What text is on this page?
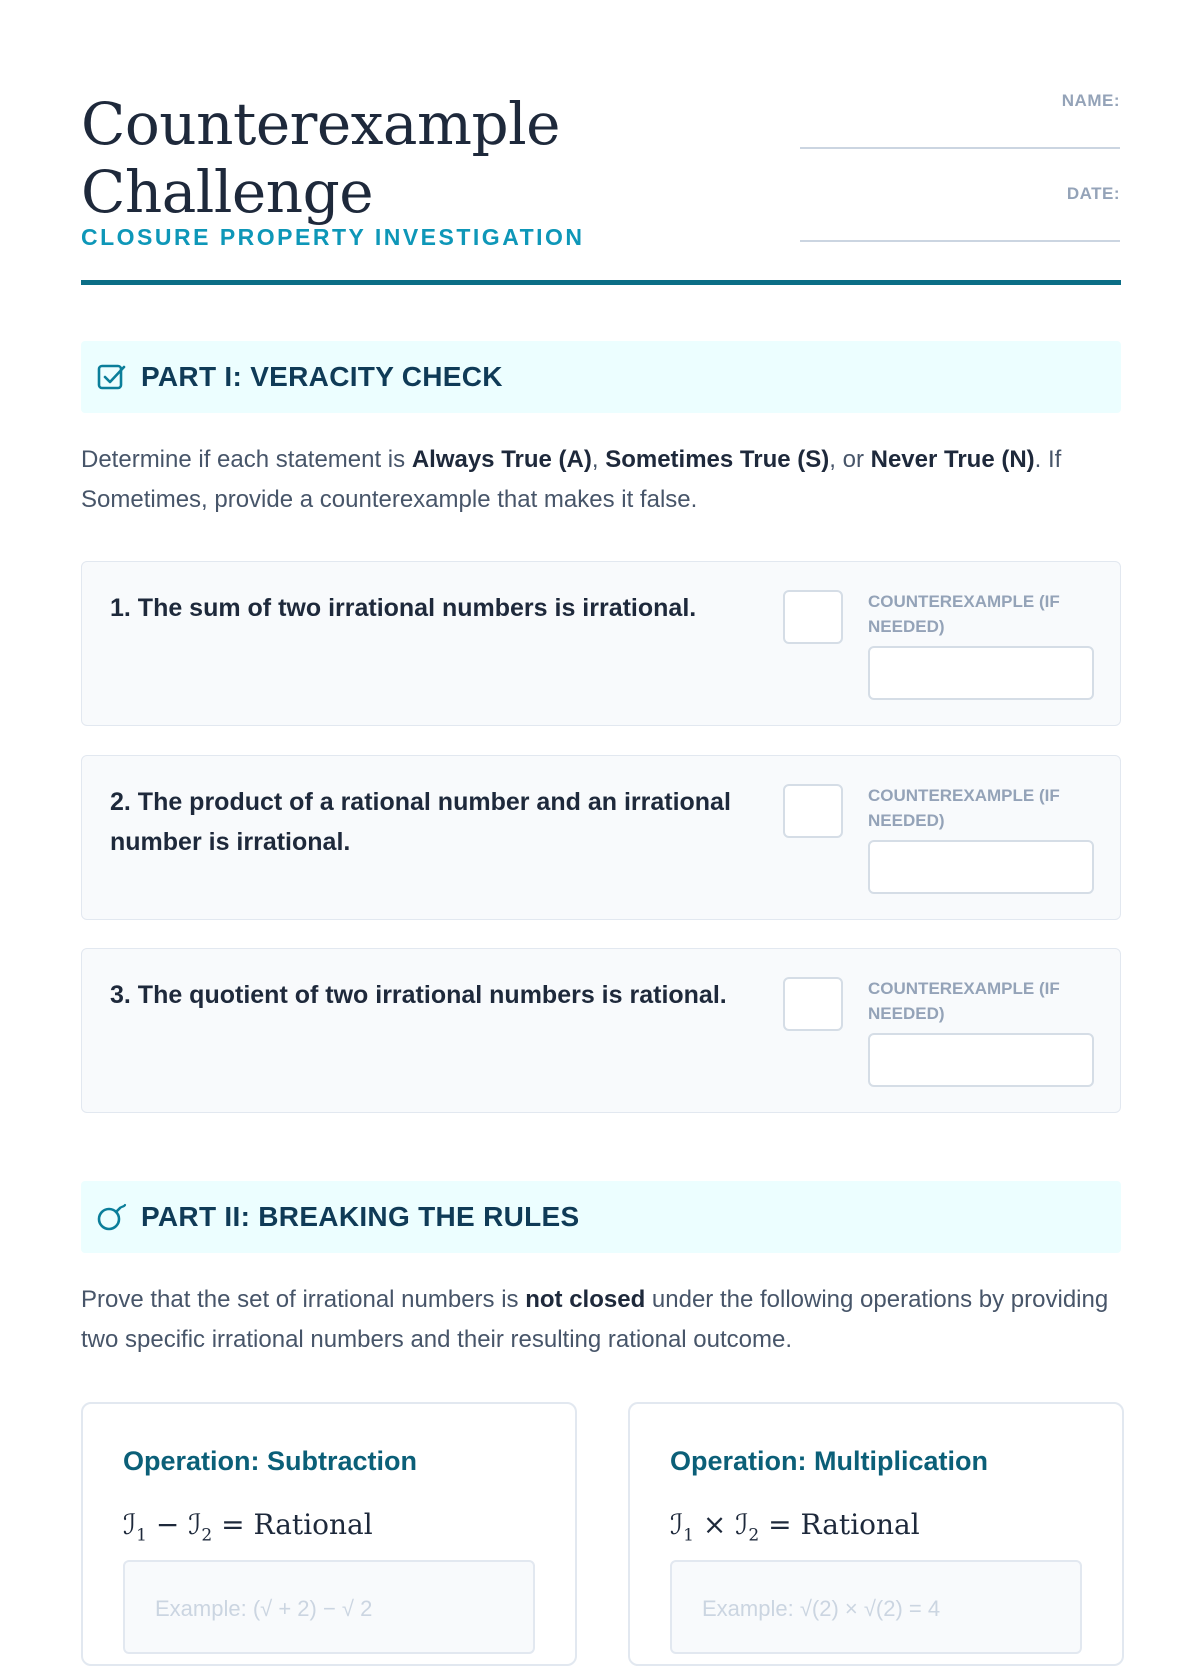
Counterexample
Challenge
CLOSURE PROPERTY INVESTIGATION
NAME:
DATE:
PART I: VERACITY CHECK
Determine if each statement is Always True (A), Sometimes True (S), or Never True (N). If Sometimes, provide a counterexample that makes it false.
1. The sum of two irrational numbers is irrational.	COUNTEREXAMPLE (IF NEEDED)
2. The product of a rational number and an irrational number is irrational.
COUNTEREXAMPLE (IF NEEDED)
3. The quotient of two irrational numbers is rational.	COUNTEREXAMPLE (IF NEEDED)
PART II: BREAKING THE RULES
Prove that the set of irrational numbers is not closed under the following operations by providing two specific irrational numbers and their resulting rational outcome.
Operation: Subtraction
ℐ$_1$ − ℐ$_2$ = Rational
Example: (√ + 2) − √ 2
Operation: Multiplication
ℐ$_1$ × ℐ$_2$ = Rational
Example: √(2) × √(2) = 4
